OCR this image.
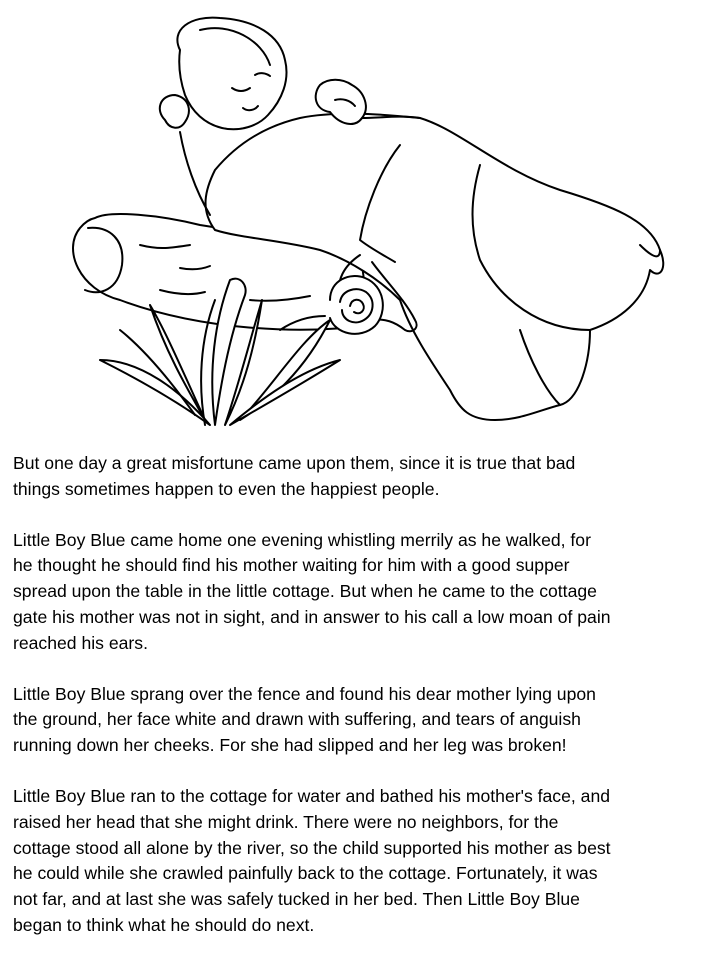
But one day a great misfortune came upon them, since it is true that bad
things sometimes happen to even the happiest people.

Little Boy Blue came home one evening whistling merrily as he walked, for
he thought he should find his mother waiting for him with a good supper
spread upon the table in the little cottage. But when he came to the cottage
gate his mother was not in sight, and in answer to his call a low moan of pain
reached his ears.

Little Boy Blue sprang over the fence and found his dear mother lying upon
the ground, her face white and drawn with suffering, and tears of anguish
running down her cheeks. For she had slipped and her leg was broken!

Little Boy Blue ran to the cottage for water and bathed his mother's face, and
raised her head that she might drink. There were no neighbors, for the
cottage stood all alone by the river, so the child supported his mother as best
he could while she crawled painfully back to the cottage. Fortunately, it was
not far, and at last she was safely tucked in her bed. Then Little Boy Blue
began to think what he should do next.
